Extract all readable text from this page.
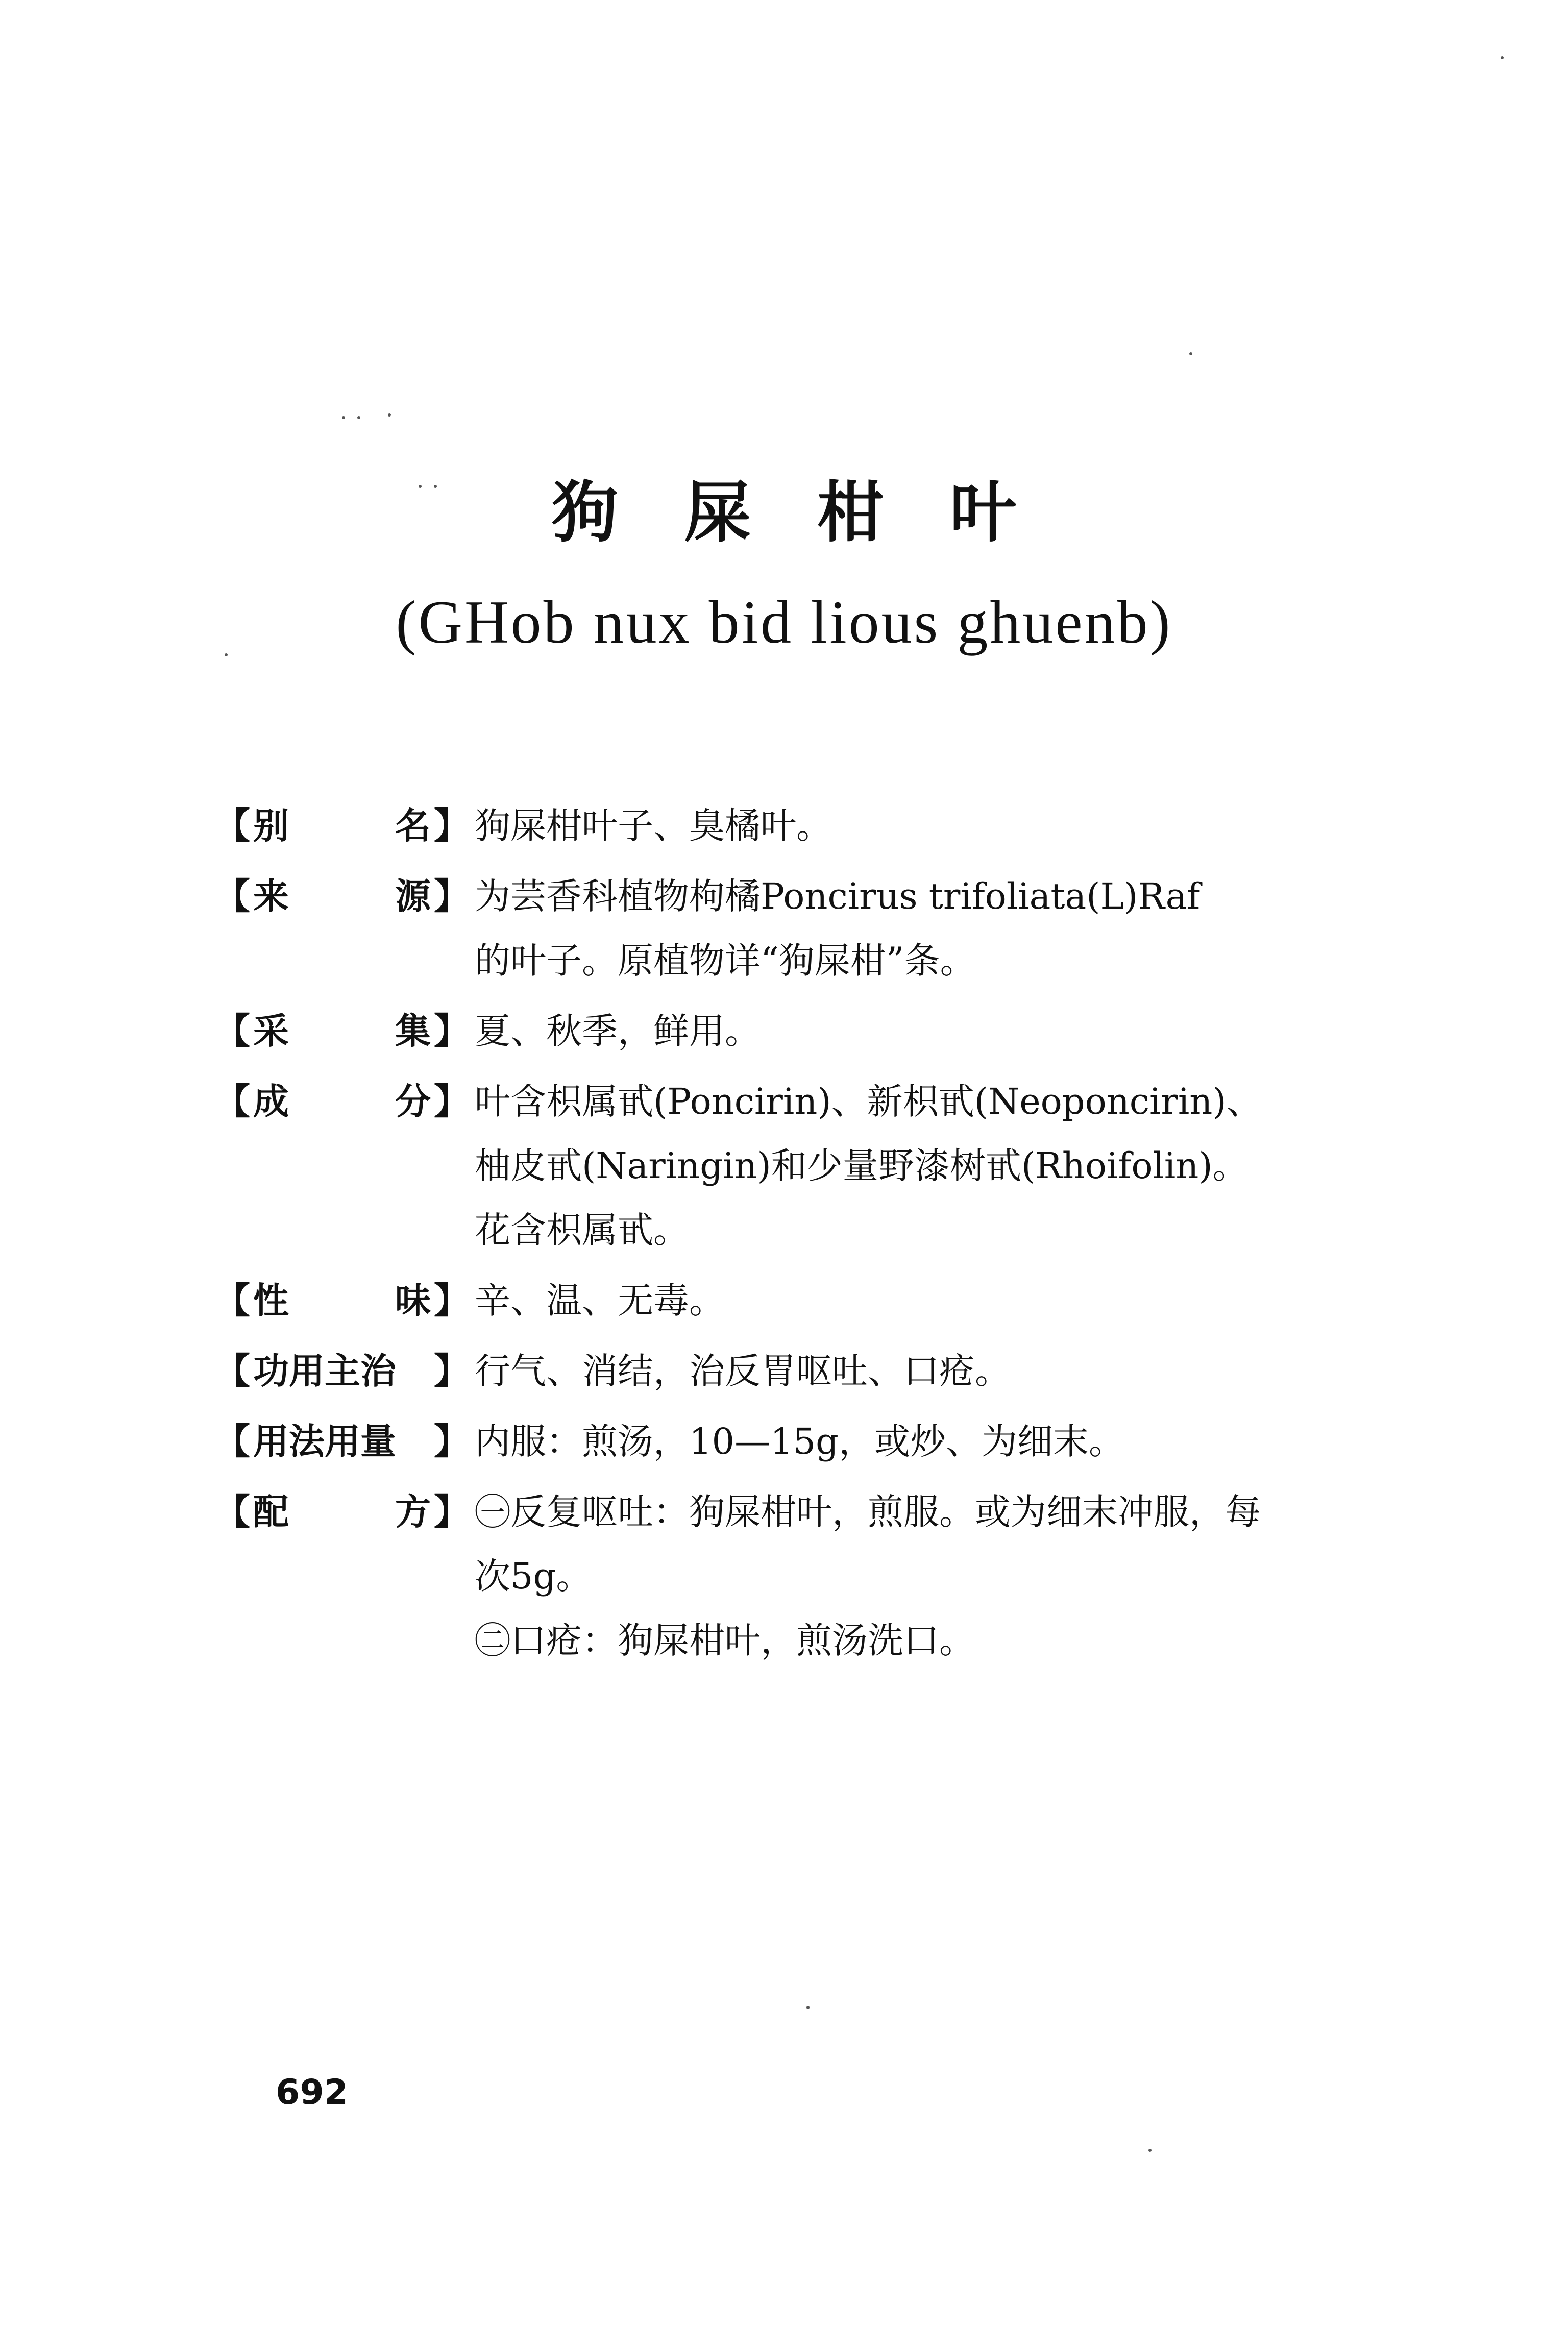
狗屎柑叶
(GHob nux bid lious ghuenb)
【 别	名 】 狗屎柑叶子、臭橘叶。

【 来	源 】 为芸香科植物枸橘Poncirus trifoliata(L)Raf

的叶子。原植物详“狗屎柑”条。

【 采	集 】 夏、秋季，鲜用。

【 成	分 】 叶含枳属甙(Poncirin)、新枳甙(Neoponcirin)、

柚皮甙(Naringin)和少量野漆树甙(Rhoifolin)。

花含枳属甙。

【 性	味 】 辛、温、无毒。

【 功用主治	】 行气、消结，治反胃呕吐、口疮。

【 用法用量	】 内服：煎汤，10—15g，或炒、为细末。

【 配	方 】 ㊀反复呕吐：狗屎柑叶，煎服。或为细末冲服，每

次5g。

㊁口疮：狗屎柑叶，煎汤洗口。

692
